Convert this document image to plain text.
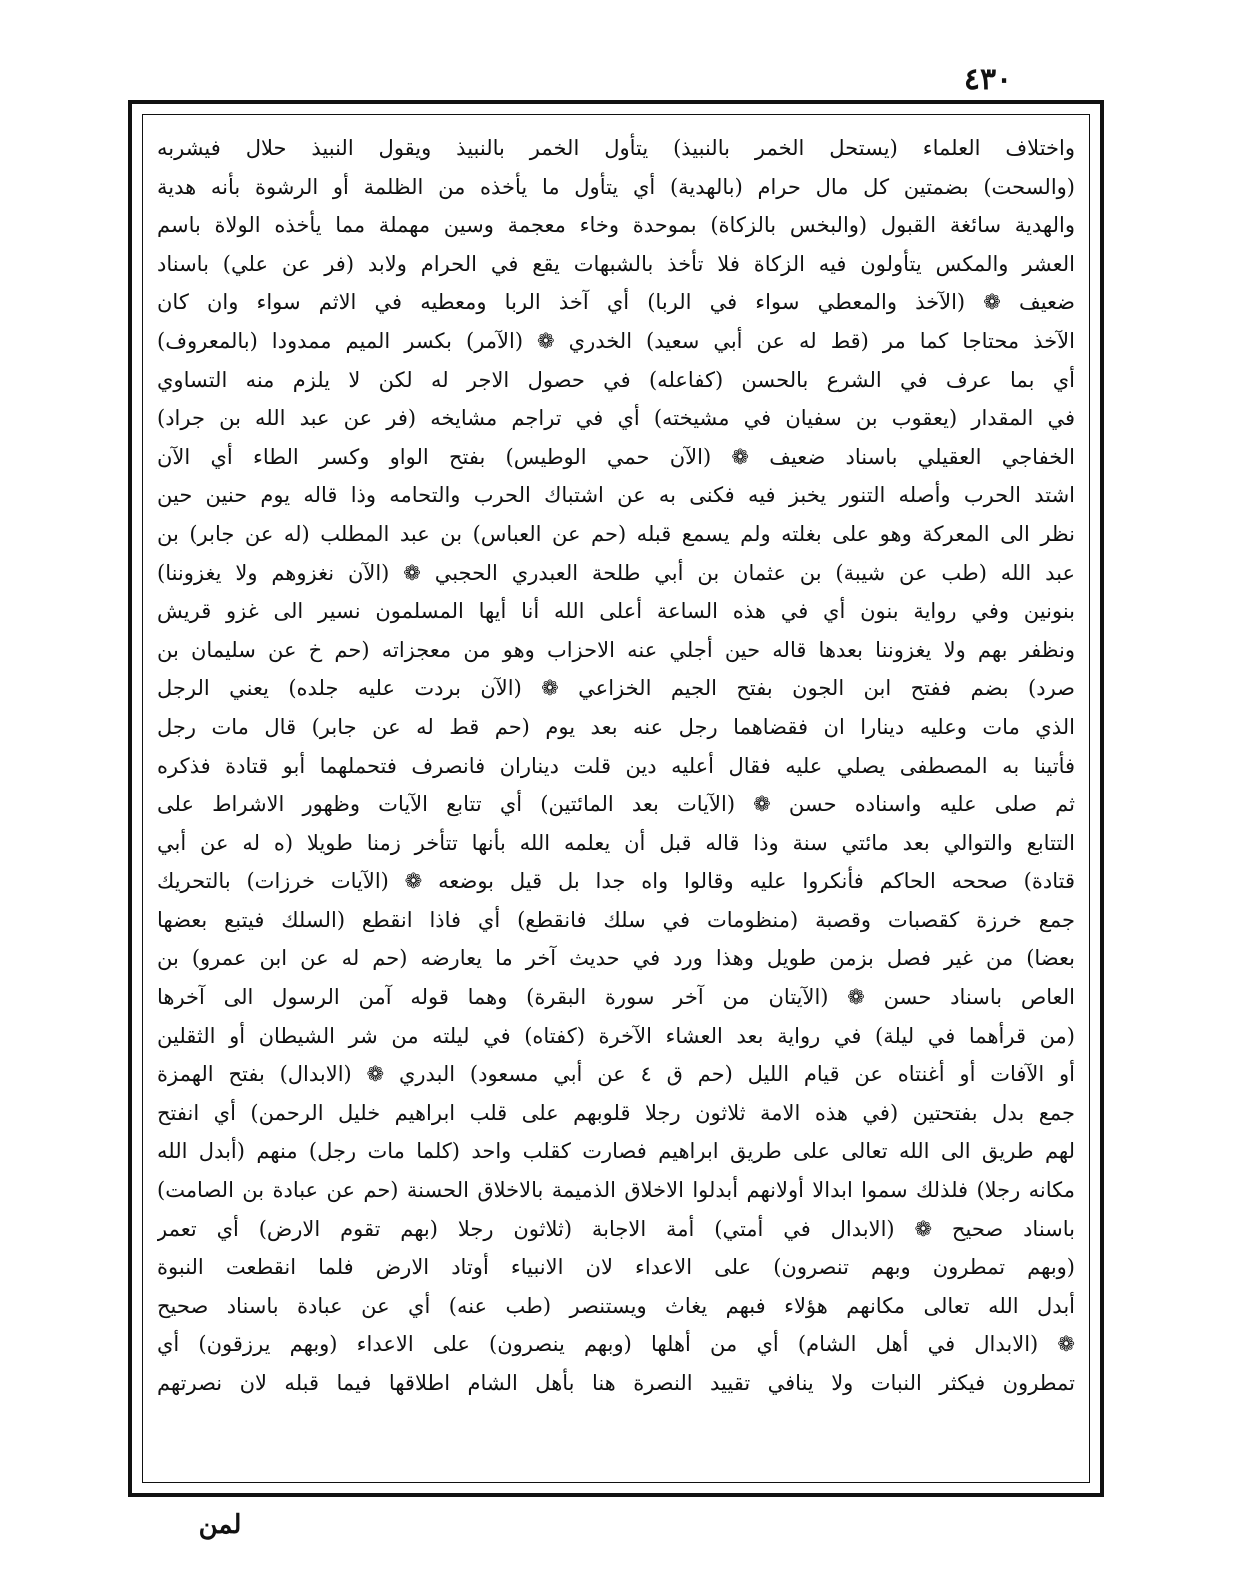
٤٣٠
واختلاف العلماء (يستحل الخمر بالنبيذ) يتأول الخمر بالنبيذ ويقول النبيذ حلال فيشربه
(والسحت) بضمتين كل مال حرام (بالهدية) أي يتأول ما يأخذه من الظلمة أو الرشوة بأنه هدية
والهدية سائغة القبول (والبخس بالزكاة) بموحدة وخاء معجمة وسين مهملة مما يأخذه الولاة باسم
العشر والمكس يتأولون فيه الزكاة فلا تأخذ بالشبهات يقع في الحرام ولابد (فر عن علي) باسناد
ضعيف ❁ (الآخذ والمعطي سواء في الربا) أي آخذ الربا ومعطيه في الاثم سواء وان كان
الآخذ محتاجا كما مر (قط له عن أبي سعيد) الخدري ❁ (الآمر) بكسر الميم ممدودا (بالمعروف)
أي بما عرف في الشرع بالحسن (كفاعله) في حصول الاجر له لكن لا يلزم منه التساوي
في المقدار (يعقوب بن سفيان في مشيخته) أي في تراجم مشايخه (فر عن عبد الله بن جراد)
الخفاجي العقيلي باسناد ضعيف ❁ (الآن حمي الوطيس) بفتح الواو وكسر الطاء أي الآن
اشتد الحرب وأصله التنور يخبز فيه فكنى به عن اشتباك الحرب والتحامه وذا قاله يوم حنين حين
نظر الى المعركة وهو على بغلته ولم يسمع قبله (حم عن العباس) بن عبد المطلب (له عن جابر) بن
عبد الله (طب عن شيبة) بن عثمان بن أبي طلحة العبدري الحجبي ❁ (الآن نغزوهم ولا يغزوننا)
بنونين وفي رواية بنون أي في هذه الساعة أعلى الله أنا أيها المسلمون نسير الى غزو قريش
ونظفر بهم ولا يغزوننا بعدها قاله حين أجلي عنه الاحزاب وهو من معجزاته (حم خ عن سليمان بن
صرد) بضم ففتح ابن الجون بفتح الجيم الخزاعي ❁ (الآن بردت عليه جلده) يعني الرجل
الذي مات وعليه دينارا ان فقضاهما رجل عنه بعد يوم (حم قط له عن جابر) قال مات رجل
فأتينا به المصطفى يصلي عليه فقال أعليه دين قلت ديناران فانصرف فتحملهما أبو قتادة فذكره
ثم صلى عليه واسناده حسن ❁ (الآيات بعد المائتين) أي تتابع الآيات وظهور الاشراط على
التتابع والتوالي بعد مائتي سنة وذا قاله قبل أن يعلمه الله بأنها تتأخر زمنا طويلا (ه له عن أبي
قتادة) صححه الحاكم فأنكروا عليه وقالوا واه جدا بل قيل بوضعه ❁ (الآيات خرزات) بالتحريك
جمع خرزة كقصبات وقصبة (منظومات في سلك فانقطع) أي فاذا انقطع (السلك فيتبع بعضها
بعضا) من غير فصل بزمن طويل وهذا ورد في حديث آخر ما يعارضه (حم له عن ابن عمرو) بن
العاص باسناد حسن ❁ (الآيتان من آخر سورة البقرة) وهما قوله آمن الرسول الى آخرها
(من قرأهما في ليلة) في رواية بعد العشاء الآخرة (كفتاه) في ليلته من شر الشيطان أو الثقلين
أو الآفات أو أغنتاه عن قيام الليل (حم ق ٤ عن أبي مسعود) البدري ❁ (الابدال) بفتح الهمزة
جمع بدل بفتحتين (في هذه الامة ثلاثون رجلا قلوبهم على قلب ابراهيم خليل الرحمن) أي انفتح
لهم طريق الى الله تعالى على طريق ابراهيم فصارت كقلب واحد (كلما مات رجل) منهم (أبدل الله
مكانه رجلا) فلذلك سموا ابدالا أولانهم أبدلوا الاخلاق الذميمة بالاخلاق الحسنة (حم عن عبادة بن الصامت)
باسناد صحيح ❁ (الابدال في أمتي) أمة الاجابة (ثلاثون رجلا (بهم تقوم الارض) أي تعمر
(وبهم تمطرون وبهم تنصرون) على الاعداء لان الانبياء أوتاد الارض فلما انقطعت النبوة
أبدل الله تعالى مكانهم هؤلاء فبهم يغاث ويستنصر (طب عنه) أي عن عبادة باسناد صحيح
❁ (الابدال في أهل الشام) أي من أهلها (وبهم ينصرون) على الاعداء (وبهم يرزقون) أي
تمطرون فيكثر النبات ولا ينافي تقييد النصرة هنا بأهل الشام اطلاقها فيما قبله لان نصرتهم
لمن
